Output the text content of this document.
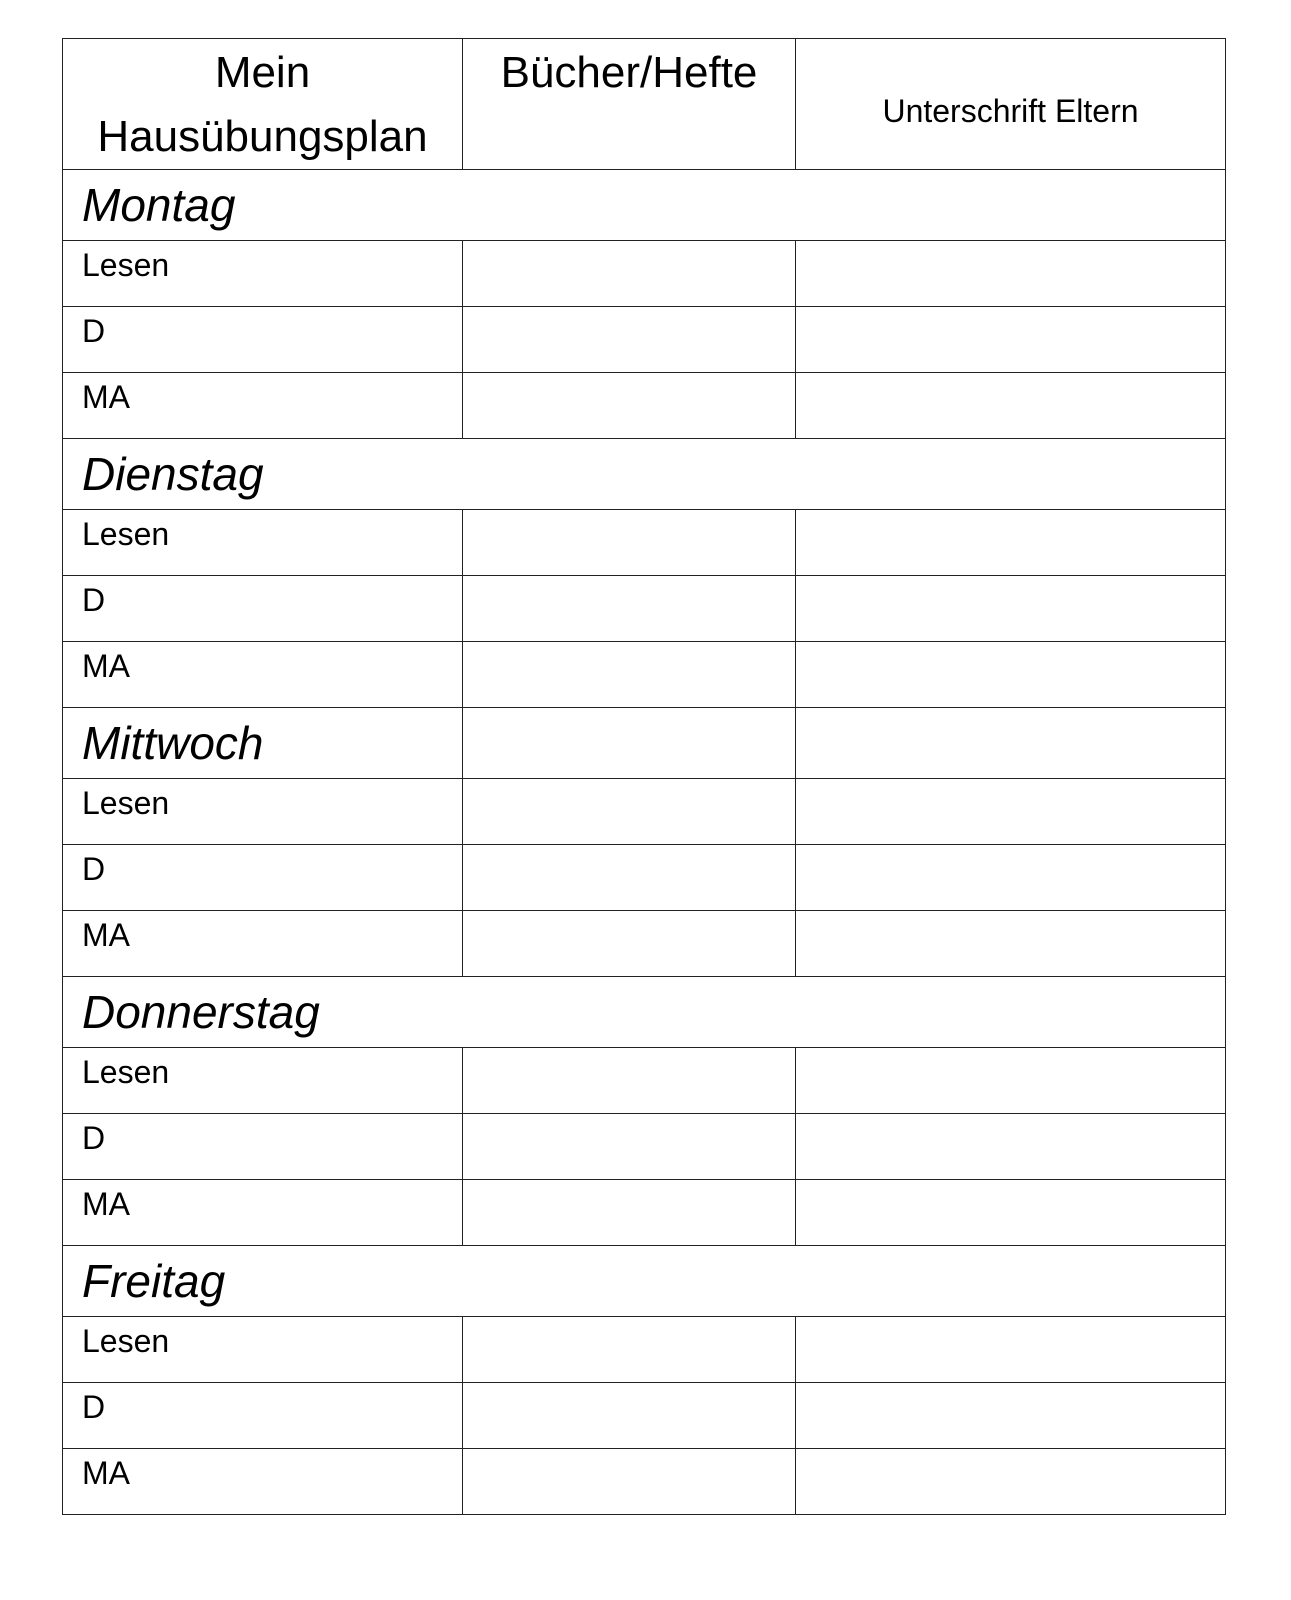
Mein Hausübungsplan	Bücher/Hefte	Unterschrift Eltern

Montag		

Lesen		

D		

MA		

Dienstag		

Lesen		

D		

MA		

Mittwoch		

Lesen		

D		

MA		

Donnerstag		

Lesen		

D		

MA		

Freitag		

Lesen		

D		

MA		
